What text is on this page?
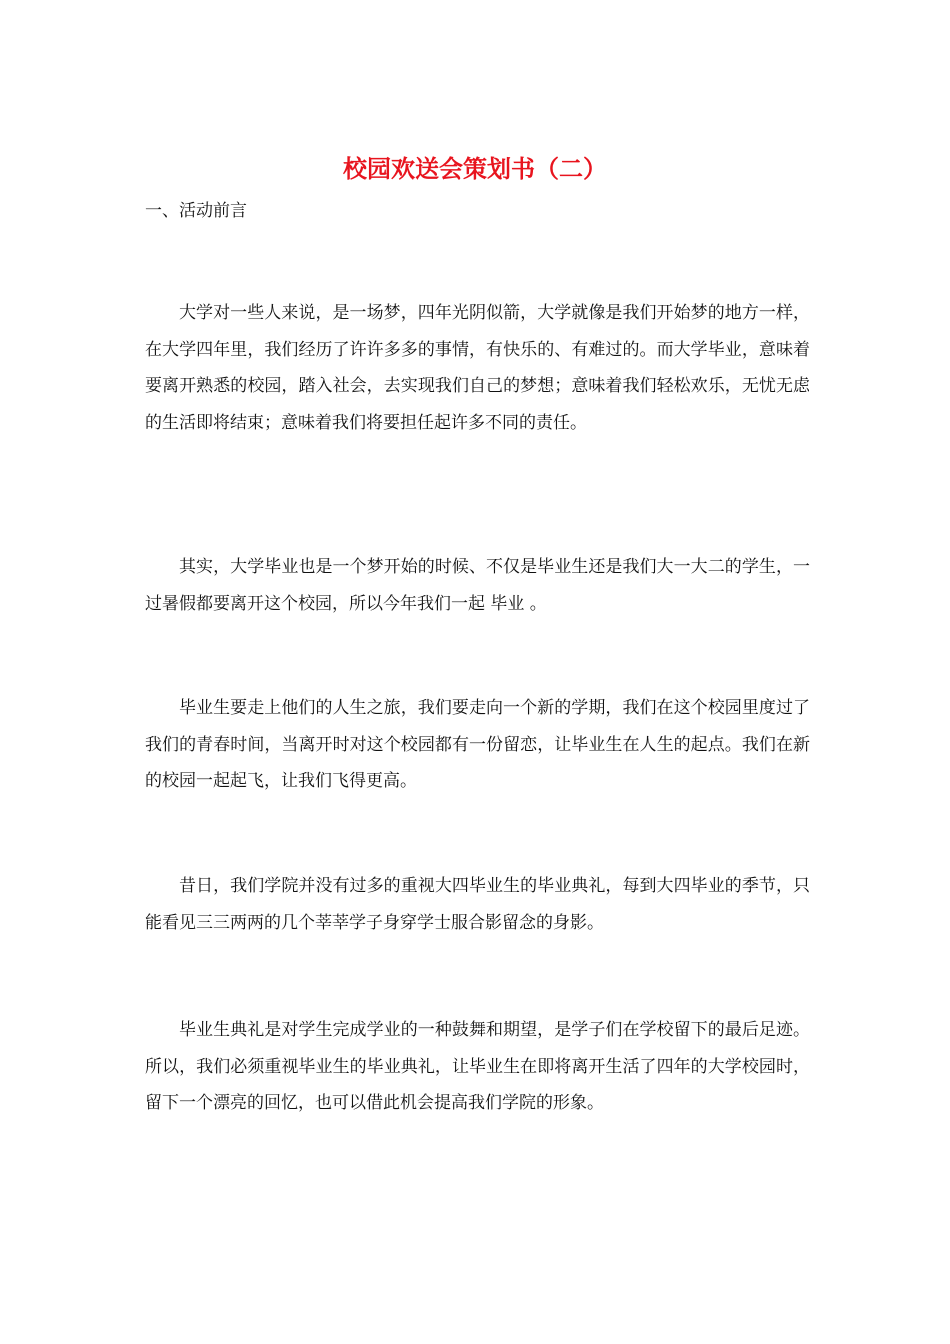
校园欢送会策划书（二）

一、活动前言

大学对一些人来说，是一场梦，四年光阴似箭，大学就像是我们开始梦的地方一样，在大学四年里，我们经历了许许多多的事情，有快乐的、有难过的。而大学毕业，意味着要离开熟悉的校园，踏入社会，去实现我们自己的梦想；意味着我们轻松欢乐，无忧无虑的生活即将结束；意味着我们将要担任起许多不同的责任。

其实，大学毕业也是一个梦开始的时候、不仅是毕业生还是我们大一大二的学生，一过暑假都要离开这个校园，所以今年我们一起 毕业 。

毕业生要走上他们的人生之旅，我们要走向一个新的学期，我们在这个校园里度过了我们的青春时间，当离开时对这个校园都有一份留恋，让毕业生在人生的起点。我们在新的校园一起起飞，让我们飞得更高。

昔日，我们学院并没有过多的重视大四毕业生的毕业典礼，每到大四毕业的季节，只能看见三三两两的几个莘莘学子身穿学士服合影留念的身影。

毕业生典礼是对学生完成学业的一种鼓舞和期望，是学子们在学校留下的最后足迹。所以，我们必须重视毕业生的毕业典礼，让毕业生在即将离开生活了四年的大学校园时，留下一个漂亮的回忆，也可以借此机会提高我们学院的形象。
